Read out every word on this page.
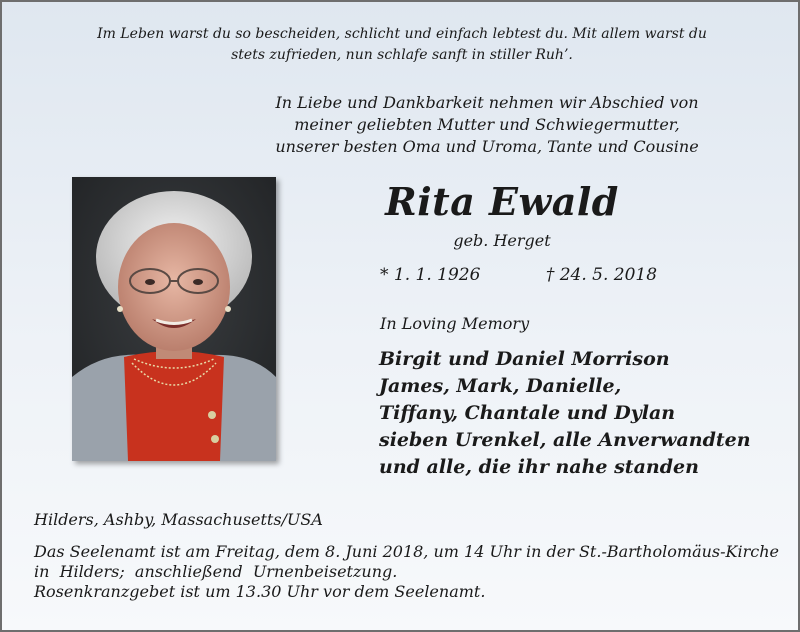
Im Leben warst du so bescheiden, schlicht und einfach lebtest du. Mit allem warst du
stets zufrieden, nun schlafe sanft in stiller Ruh’.
In Liebe und Dankbarkeit nehmen wir Abschied von
meiner geliebten Mutter und Schwiegermutter,
unserer besten Oma und Uroma, Tante und Cousine
Rita Ewald
geb. Herget
* 1. 1. 1926	† 24. 5. 2018
In Loving Memory
Birgit und Daniel Morrison
James, Mark, Danielle,
Tiffany, Chantale und Dylan
sieben Urenkel, alle Anverwandten
und alle, die ihr nahe standen
Hilders, Ashby, Massachusetts/USA
Das Seelenamt ist am Freitag, dem 8. Juni 2018, um 14 Uhr in der St.-Bartholomäus-Kirche
in  Hilders;  anschließend  Urnenbeisetzung.
Rosenkranzgebet ist um 13.30 Uhr vor dem Seelenamt.
